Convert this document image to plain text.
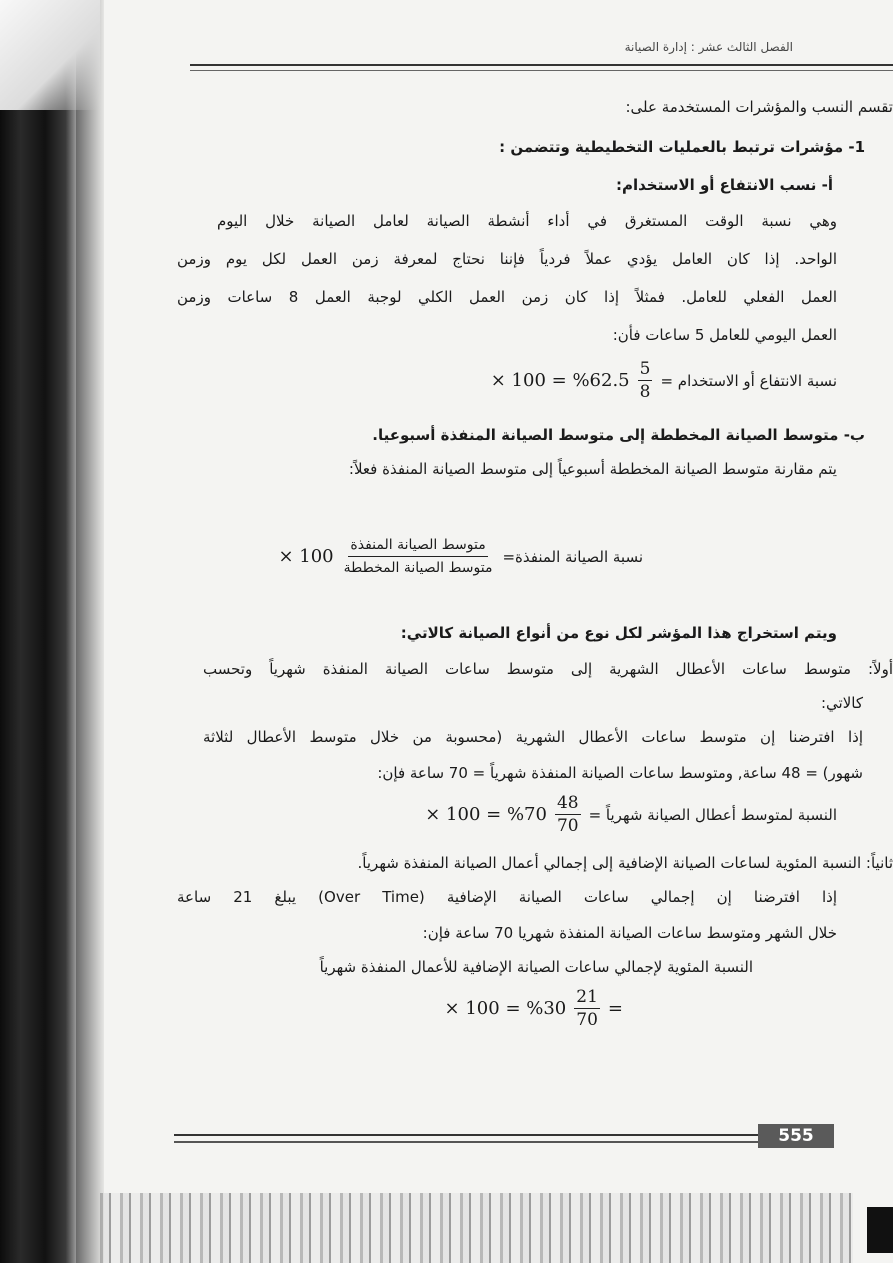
الفصل الثالث عشر : إدارة الصيانة
تقسم النسب والمؤشرات المستخدمة على:
1- مؤشرات ترتبط بالعمليات التخطيطية وتتضمن :
أ- نسب الانتفاع أو الاستخدام:
وهي نسبة الوقت المستغرق في أداء أنشطة الصيانة لعامل الصيانة خلال اليوم
الواحد. إذا كان العامل يؤدي عملاً فردياً فإننا نحتاج لمعرفة زمن العمل لكل يوم وزمن
العمل الفعلي للعامل. فمثلاً إذا كان زمن العمل الكلي لوجبة العمل 8 ساعات وزمن
العمل اليومي للعامل 5 ساعات فأن:
نسبة الانتفاع أو الاستخدام =
$\frac{5}{8}$
%62.5 = 100 ×
ب- متوسط الصيانة المخططة إلى متوسط الصيانة المنفذة أسبوعيا.
يتم مقارنة متوسط الصيانة المخططة أسبوعياً إلى متوسط الصيانة المنفذة فعلاً:
نسبة الصيانة المنفذة=
$\frac{\text{متوسط الصيانة المنفذة}}{\text{متوسط الصيانة المخططة}}$
100 ×
ويتم استخراج هذا المؤشر لكل نوع من أنواع الصيانة كالاتي:
أولاً: متوسط ساعات الأعطال الشهرية إلى متوسط ساعات الصيانة المنفذة شهرياً وتحسب
كالاتي:
إذا افترضنا إن متوسط ساعات الأعطال الشهرية (محسوبة من خلال متوسط الأعطال لثلاثة
شهور) = 48 ساعة, ومتوسط ساعات الصيانة المنفذة شهرياً = 70 ساعة فإن:
النسبة لمتوسط أعطال الصيانة شهرياً =
$\frac{48}{70}$
%70 = 100 ×
ثانياً: النسبة المئوية لساعات الصيانة الإضافية إلى إجمالي أعمال الصيانة المنفذة شهرياً.
إذا افترضنا إن إجمالي ساعات الصيانة الإضافية (Over Time) يبلغ 21 ساعة
خلال الشهر ومتوسط ساعات الصيانة المنفذة شهريا 70 ساعة فإن:
النسبة المئوية لإجمالي ساعات الصيانة الإضافية للأعمال المنفذة شهرياً
=
$\frac{21}{70}$
%30 = 100 ×
555
